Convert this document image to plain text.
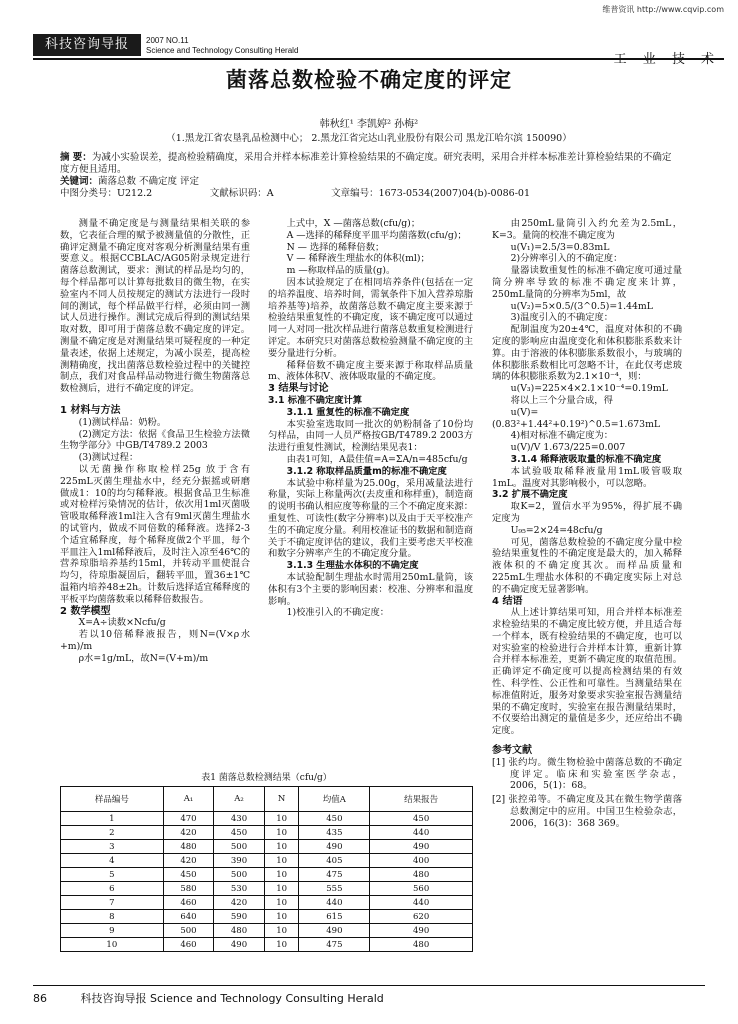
维普资讯 http://www.cqvip.com
科技咨询导报	2007 NO.11
Science and Technology Consulting Herald
工 业 技 术
菌落总数检验不确定度的评定
韩秋红¹ 李凯婷² 孙梅²
（1.黑龙江省农垦乳品检测中心； 2.黑龙江省完达山乳业股份有限公司 黑龙江哈尔滨 150090）

摘 要：为减小实验误差，提高检验精确度，采用合并样本标准差计算检验结果的不确定度。研究表明，采用合并样本标准差计算检验结果的不确定度方便且适用。

关键词：菌落总数 不确定度 评定

中图分类号：U212.2	文献标识码：A	文章编号：1673-0534(2007)04(b)-0086-01

测量不确定度是与测量结果相关联的参数，它表征合理的赋予被测量值的分散性，正确评定测量不确定度对客观分析测量结果有重要意义。根据CCBLAC/AG05附录规定进行菌落总数测试，要求：测试的样品是均匀的，每个样品都可以计算每批数目的微生物，在实验室内不同人员按规定的测试方法进行一段时间的测试，每个样品做平行样，必须由同一测试人员进行操作。测试完成后得到的测试结果取对数，即可用于菌落总数不确定度的评定。测量不确定度是对测量结果可疑程度的一种定量表述，依据上述规定，为减小误差，提高检测精确度，找出菌落总数检验过程中的关键控制点，我们对食品样品动物进行微生物菌落总数检测后，进行不确定度的评定。

1 材料与方法

(1)测试样品：奶粉。

(2)测定方法：依据《食品卫生检验方法微生物学部分》中GB/T4789.2 2003

(3)测试过程：

以无菌操作称取检样25g 放于含有225mL灭菌生理盐水中，经充分振摇或研磨做成1：10的均匀稀释液。根据食品卫生标准或对检样污染情况的估计，依次用1ml灭菌吸管吸取稀释液1ml注入含有9ml灭菌生理盐水的试管内，做成不同倍数的稀释液。选择2-3个适宜稀释度，每个稀释度做2个平皿，每个平皿注入1ml稀释液后，及时注入凉至46℃的营养琼脂培养基约15ml，并转动平皿使混合均匀，待琼脂凝固后，翻转平皿，置36±1℃温箱内培养48±2h。计数后选择适宜稀释度的平板平均菌落数乘以稀释倍数报告。

2 数学模型

X=A÷读数×Ncfu/g

若以10倍稀释液报告，则N=(V×ρ水+m)/m

ρ水=1g/mL，故N=(V+m)/m

上式中，X —菌落总数(cfu/g)；

A —选择的稀释度平皿平均菌落数(cfu/g)；

N — 选择的稀释倍数；

V — 稀释液生理盐水的体积(ml)；

m —称取样品的质量(g)。

因本试验规定了在相同培养条件(包括在一定的培养温度、培养时间，需氧条件下加入营养琼脂培养基等)培养，故菌落总数不确定度主要来源于检验结果重复性的不确定度，该不确定度可以通过同一人对同一批次样品进行菌落总数重复检测进行评定。本研究只对菌落总数检验测量不确定度的主要分量进行分析。

稀释倍数不确定度主要来源于称取样品质量m、液体体积V、液体吸取量的不确定度。

3 结果与讨论

3.1 标准不确定度计算

3.1.1 重复性的标准不确定度

本实验室选取同一批次的奶粉制备了10份均匀样品，由同一人员严格按GB/T4789.2 2003方法进行重复性测试，检测结果见表1：

由表1可知，A最佳值=A=ΣA/n=485cfu/g

3.1.2 称取样品质量m的标准不确定度

本试验中称样量为25.00g，采用减量法进行称量，实际上称量两次(去皮重和称样重)，制造商的说明书确认相应度等称量的三个不确定度来源：重复性、可读性(数字分辨率)以及由于天平校准产生的不确定度分量。利用校准证书的数据和制造商关于不确定度评估的建议，我们主要考虑天平校准和数字分辨率产生的不确定度分量。

3.1.3 生理盐水体积的不确定度

本试验配制生理盐水时需用250mL量筒，该体积有3个主要的影响因素：校准、分辨率和温度影响。

1)校准引入的不确定度：

由250mL量筒引入约允差为2.5mL，K=3。量筒的校准不确定度为

u(V₁)=2.5/3=0.83mL

2)分辨率引入的不确定度：

量器读数重复性的标准不确定度可通过量筒分辨率导致的标准不确定度来计算，250mL量筒的分辨率为5ml，故

u(V₂)=5×0.5/(3^0.5)=1.44mL

3)温度引入的不确定度：

配制温度为20±4℃，温度对体积的不确定度的影响应由温度变化和体积膨胀系数来计算。由于溶液的体积膨胀系数很小，与玻璃的体积膨胀系数相比可忽略不计，在此仅考虑玻璃的体积膨胀系数为2.1×10⁻⁴，则：

u(V₃)=225×4×2.1×10⁻⁴=0.19mL

将以上三个分量合成，得

u(V)=(0.83²+1.44²+0.19²)^0.5=1.673mL

4)相对标准不确定度为：

u(V)/V 1.673/225=0.007

3.1.4 稀释液吸取量的标准不确定度

本试验吸取稀释液量用1mL吸管吸取1mL。温度对其影响极小，可以忽略。

3.2 扩展不确定度

取K=2，置信水平为95%，得扩展不确定度为

U₉₅=2×24=48cfu/g

可见，菌落总数检验的不确定度分量中检验结果重复性的不确定度是最大的，加入稀释液体积的不确定度其次。而样品质量和225mL生理盐水体积的不确定度实际上对总的不确定度无显著影响。

4 结语

从上述计算结果可知，用合并样本标准差求检验结果的不确定度比较方便，并且适合每一个样本，既有检验结果的不确定度，也可以对实验室的检验进行合并样本计算，重新计算合并样本标准差，更新不确定度的取值范围。正确评定不确定度可以提高检测结果的有效性、科学性、公正性和可靠性。当测量结果在标准值附近，服务对象要求实验室报告测量结果的不确定度时，实验室在报告测量结果时，不仅要给出测定的量值是多少，还应给出不确定度。

参考文献

[1] 张约均。微生物检验中菌落总数的不确定度评定。临床和实验室医学杂志，2006，5(1)：68。

[2] 张控弟等。不确定度及其在微生物学菌落总数测定中的应用。中国卫生检验杂志，2006，16(3)：368 369。

表1 菌落总数检测结果（cfu/g）
样品编号	A₁	A₂	N	均值A	结果报告
1	470	430	10	450	450
2	420	450	10	435	440
3	480	500	10	490	490
4	420	390	10	405	400
5	450	500	10	475	480
6	580	530	10	555	560
7	460	420	10	440	440
8	640	590	10	615	620
9	500	480	10	490	490
10	460	490	10	475	480
86	科技咨询导报 Science and Technology Consulting Herald
